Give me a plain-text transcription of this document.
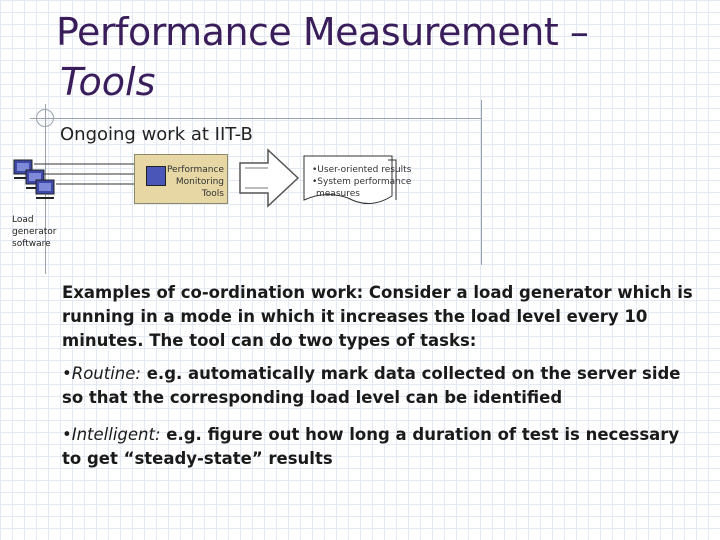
Performance Measurement –
Tools
Ongoing work at IIT-B
Performance
Monitoring
Tools
•User-oriented results
•System performance
measures
Load
generator
software
Examples of co-ordination work: Consider a load generator which is running in a mode in which it increases the load level every 10 minutes. The tool can do two types of tasks:
•Routine: e.g. automatically mark data collected on the server side so that the corresponding load level can be identified
•Intelligent: e.g. figure out how long a duration of test is necessary to get “steady-state” results
